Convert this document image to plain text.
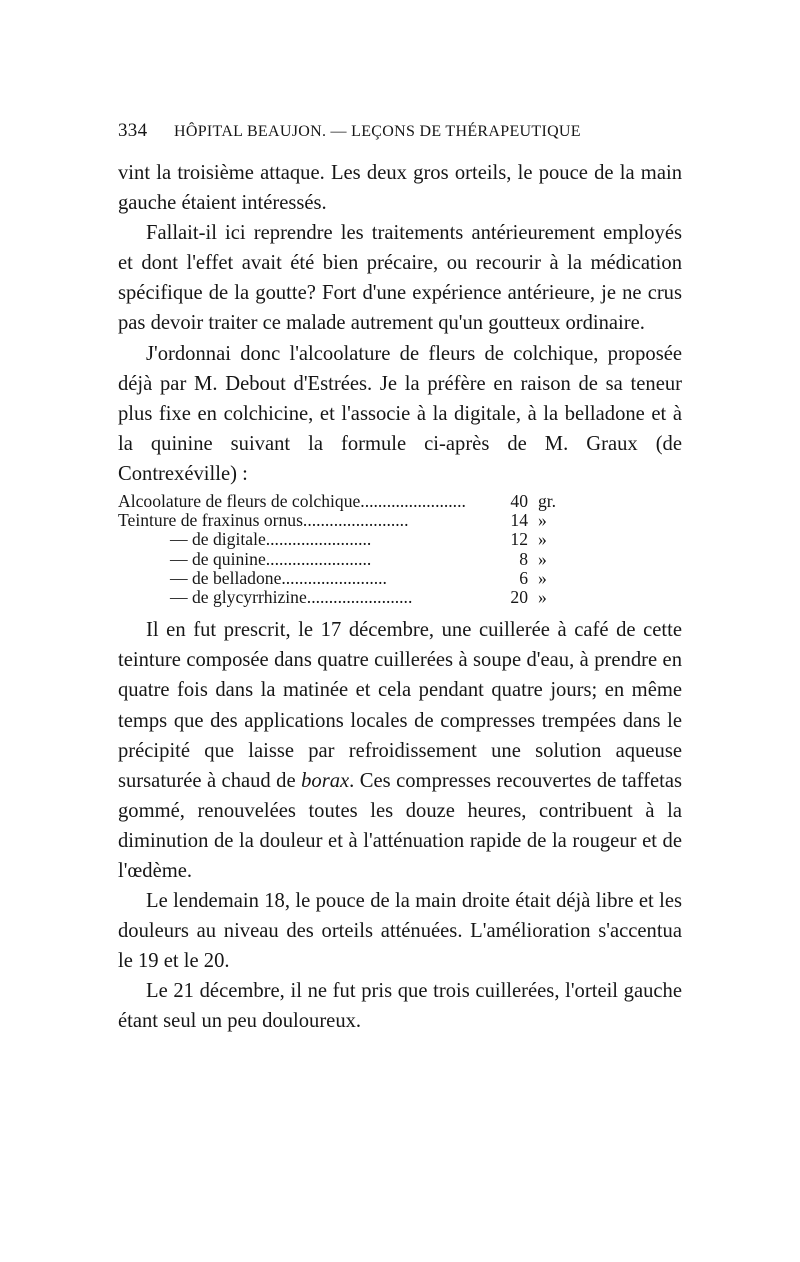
334 HÔPITAL BEAUJON. — LEÇONS DE THÉRAPEUTIQUE

vint la troisième attaque. Les deux gros orteils, le pouce de la main gauche étaient intéressés.

Fallait-il ici reprendre les traitements antérieurement employés et dont l'effet avait été bien précaire, ou recourir à la médication spécifique de la goutte? Fort d'une expérience antérieure, je ne crus pas devoir traiter ce malade autrement qu'un goutteux ordinaire.

J'ordonnai donc l'alcoolature de fleurs de colchique, proposée déjà par M. Debout d'Estrées. Je la préfère en raison de sa teneur plus fixe en colchicine, et l'associe à la digitale, à la belladone et à la quinine suivant la formule ci-après de M. Graux (de Contrexéville) :

Alcoolature de fleurs de colchique........................	40 gr.
Teinture de fraxinus ornus........................	14 »
— de digitale........................	12 »
— de quinine........................	8 »
— de belladone........................	6 »
— de glycyrrhizine........................	20 »

Il en fut prescrit, le 17 décembre, une cuillerée à café de cette teinture composée dans quatre cuillerées à soupe d'eau, à prendre en quatre fois dans la matinée et cela pendant quatre jours; en même temps que des applications locales de compresses trempées dans le précipité que laisse par refroidissement une solution aqueuse sursaturée à chaud de borax. Ces compresses recouvertes de taffetas gommé, renouvelées toutes les douze heures, contribuent à la diminution de la douleur et à l'atténuation rapide de la rougeur et de l'œdème.

Le lendemain 18, le pouce de la main droite était déjà libre et les douleurs au niveau des orteils atténuées. L'amélioration s'accentua le 19 et le 20.

Le 21 décembre, il ne fut pris que trois cuillerées, l'orteil gauche étant seul un peu douloureux.
